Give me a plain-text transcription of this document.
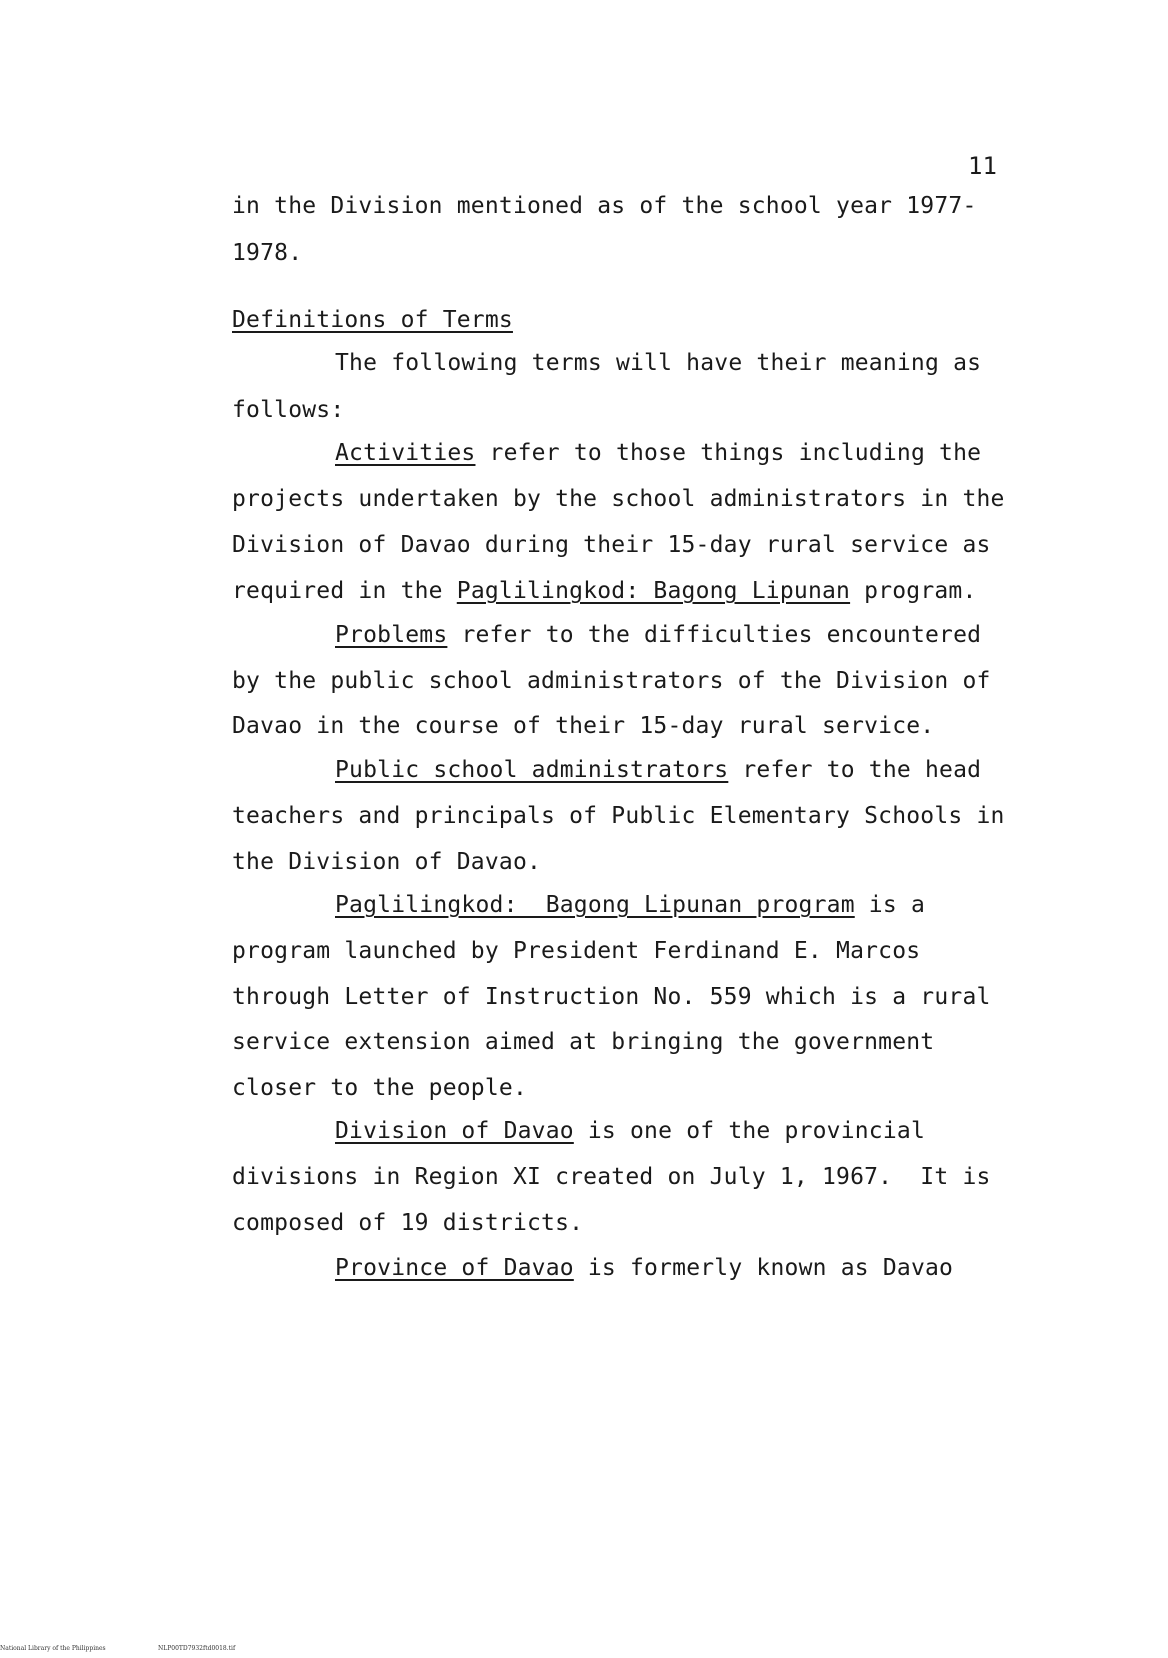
11
in the Division mentioned as of the school year 1977-
1978.
Definitions of Terms
The following terms will have their meaning as
follows:
Activities refer to those things including the
projects undertaken by the school administrators in the
Division of Davao during their 15-day rural service as
required in the Paglilingkod: Bagong Lipunan program.
Problems refer to the difficulties encountered
by the public school administrators of the Division of
Davao in the course of their 15-day rural service.
Public school administrators refer to the head
teachers and principals of Public Elementary Schools in
the Division of Davao.
Paglilingkod:  Bagong Lipunan program is a
program launched by President Ferdinand E. Marcos
through Letter of Instruction No. 559 which is a rural
service extension aimed at bringing the government
closer to the people.
Division of Davao is one of the provincial
divisions in Region XI created on July 1, 1967.  It is
composed of 19 districts.
Province of Davao is formerly known as Davao
National Library of the Philippines	NLP00TD7932ftd0018.tif
